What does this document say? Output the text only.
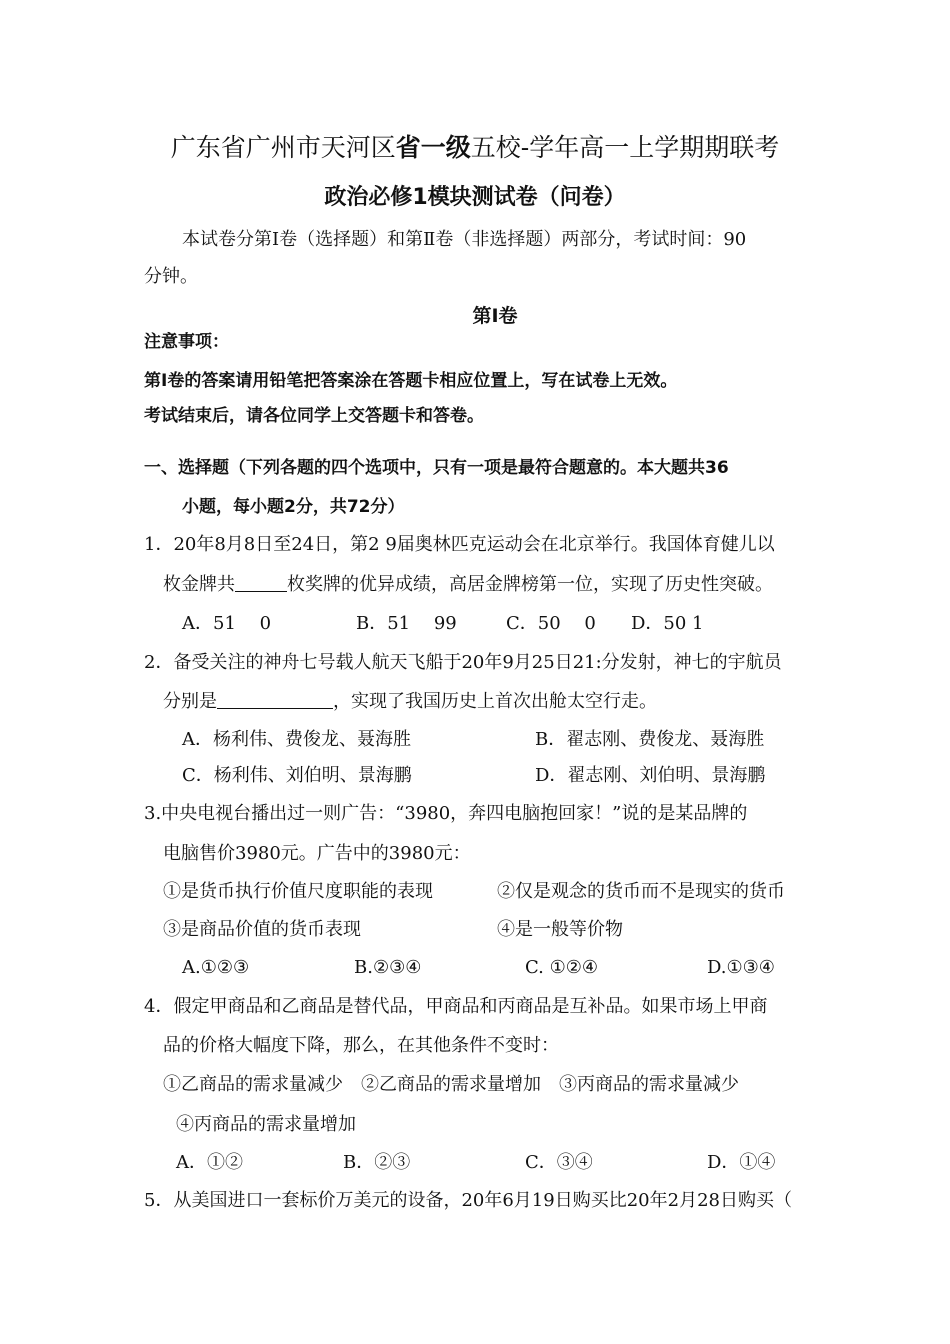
广东省广州市天河区省一级五校-学年高一上学期期联考
政治必修1模块测试卷（问卷）
本试卷分第Ⅰ卷（选择题）和第Ⅱ卷（非选择题）两部分，考试时间：90
分钟。
第Ⅰ卷
注意事项：
第Ⅰ卷的答案请用铅笔把答案涂在答题卡相应位置上，写在试卷上无效。
考试结束后，请各位同学上交答题卡和答卷。
一、选择题（下列各题的四个选项中，只有一项是最符合题意的。本大题共36
小题，每小题2分，共72分）
1．20年8月8日至24日，第2 9届奥林匹克运动会在北京举行。我国体育健儿以
枚金牌共	枚奖牌的优异成绩，高居金牌榜第一位，实现了历史性突破。
A．51　 0	B．51　 99	C．50　 0 D．50 1
2．备受关注的神舟七号载人航天飞船于20年9月25日21:分发射，神七的宇航员
分别是	，实现了我国历史上首次出舱太空行走。
A．杨利伟、费俊龙、聂海胜	B．翟志刚、费俊龙、聂海胜
C．杨利伟、刘伯明、景海鹏	D．翟志刚、刘伯明、景海鹏
3.中央电视台播出过一则广告：“3980，奔四电脑抱回家！”说的是某品牌的
电脑售价3980元。广告中的3980元：
①是货币执行价值尺度职能的表现	②仅是观念的货币而不是现实的货币
③是商品价值的货币表现	④是一般等价物
A.①②③	B.②③④	C. ①②④	D.①③④
4．假定甲商品和乙商品是替代品，甲商品和丙商品是互补品。如果市场上甲商
品的价格大幅度下降，那么，在其他条件不变时：
①乙商品的需求量减少　②乙商品的需求量增加　③丙商品的需求量减少
④丙商品的需求量增加
A．①②	B．②③	C．③④	D．①④
5．从美国进口一套标价万美元的设备，20年6月19日购买比20年2月28日购买（
